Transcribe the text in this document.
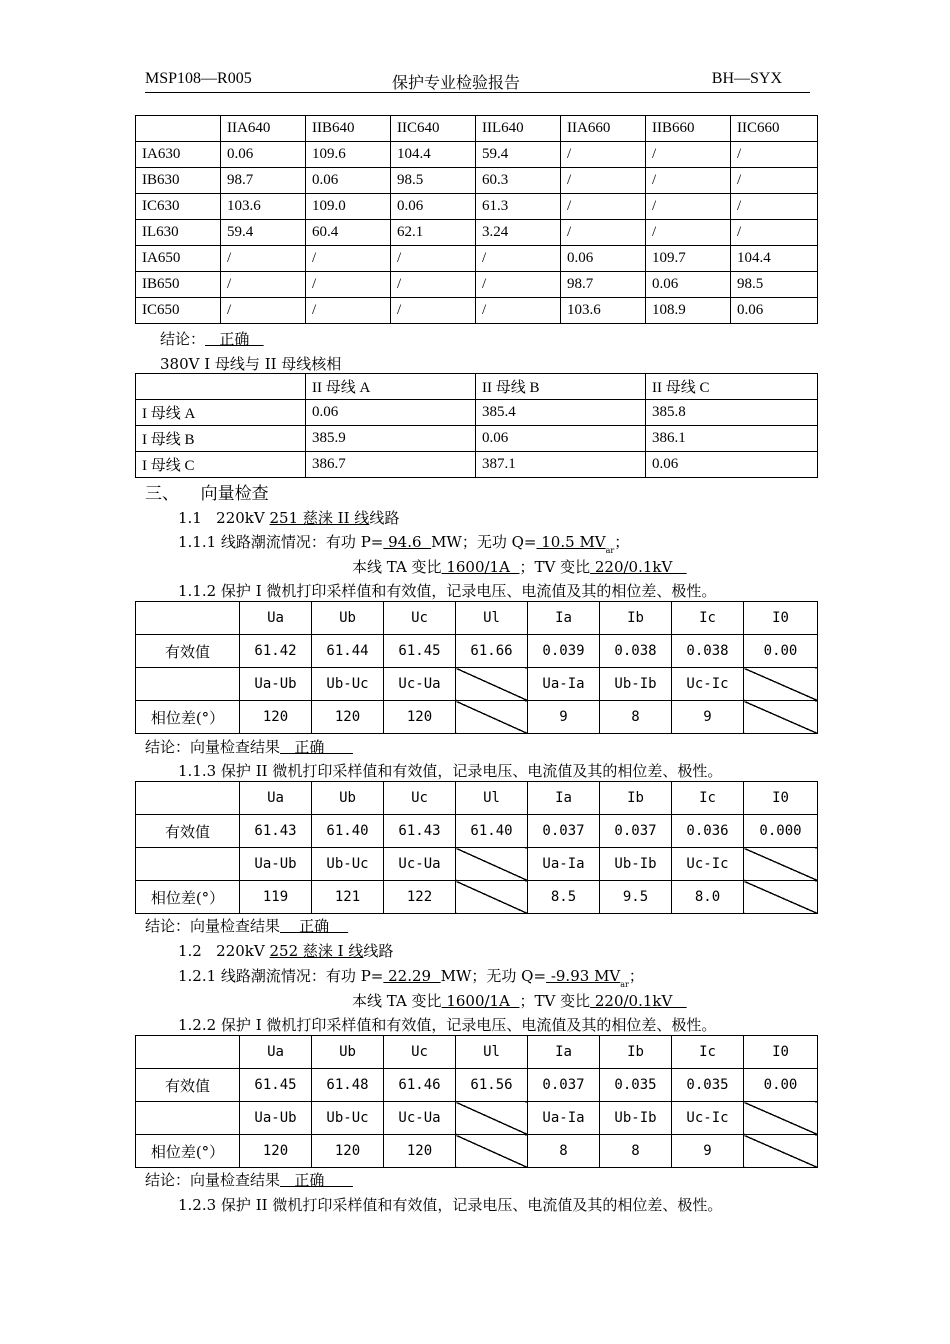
MSP108—R005	保护专业检验报告	BH—SYX
	IIA640	IIB640	IIC640	IIL640	IIA660	IIB660	IIC660
IA630	0.06	109.6	104.4	59.4	/	/	/
IB630	98.7	0.06	98.5	60.3	/	/	/
IC630	103.6	109.0	0.06	61.3	/	/	/
IL630	59.4	60.4	62.1	3.24	/	/	/
IA650	/	/	/	/	0.06	109.7	104.4
IB650	/	/	/	/	98.7	0.06	98.5
IC650	/	/	/	/	103.6	108.9	0.06
结论：   正确
380V I 母线与 II 母线核相
	II 母线 A	II 母线 B	II 母线 C
I 母线 A	0.06	385.4	385.8
I 母线 B	385.9	0.06	386.1
I 母线 C	386.7	387.1	0.06
三、    向量检查
1.1 220kV 251 慈涞 II 线线路
1.1.1 线路潮流情况：有功 P= 94.6  MW；无功 Q= 10.5 $MV_{ar}$；
本线 TA 变比 1600/1A  ；TV 变比 220/0.1kV
1.1.2 保护 I 微机打印采样值和有效值，记录电压、电流值及其的相位差、极性。
	Ua	Ub	Uc	Ul	Ia	Ib	Ic	I0
有效值	61.42	61.44	61.45	61.66	0.039	0.038	0.038	0.00
	Ua-Ub	Ub-Uc	Uc-Ua		Ua-Ia	Ub-Ib	Uc-Ic	
相位差(°）	120	120	120		9	8	9	
结论：向量检查结果   正确
1.1.3 保护 II 微机打印采样值和有效值，记录电压、电流值及其的相位差、极性。
	Ua	Ub	Uc	Ul	Ia	Ib	Ic	I0
有效值	61.43	61.40	61.43	61.40	0.037	0.037	0.036	0.000
	Ua-Ub	Ub-Uc	Uc-Ua		Ua-Ia	Ub-Ib	Uc-Ic	
相位差(°）	119	121	122		8.5	9.5	8.0	
结论：向量检查结果    正确
1.2 220kV 252 慈涞 I 线线路
1.2.1 线路潮流情况：有功 P= 22.29  MW；无功 Q= -9.93 $MV_{ar}$；
本线 TA 变比 1600/1A  ；TV 变比 220/0.1kV
1.2.2 保护 I 微机打印采样值和有效值，记录电压、电流值及其的相位差、极性。
	Ua	Ub	Uc	Ul	Ia	Ib	Ic	I0
有效值	61.45	61.48	61.46	61.56	0.037	0.035	0.035	0.00
	Ua-Ub	Ub-Uc	Uc-Ua		Ua-Ia	Ub-Ib	Uc-Ic	
相位差(°）	120	120	120		8	8	9	
结论：向量检查结果   正确
1.2.3 保护 II 微机打印采样值和有效值，记录电压、电流值及其的相位差、极性。
